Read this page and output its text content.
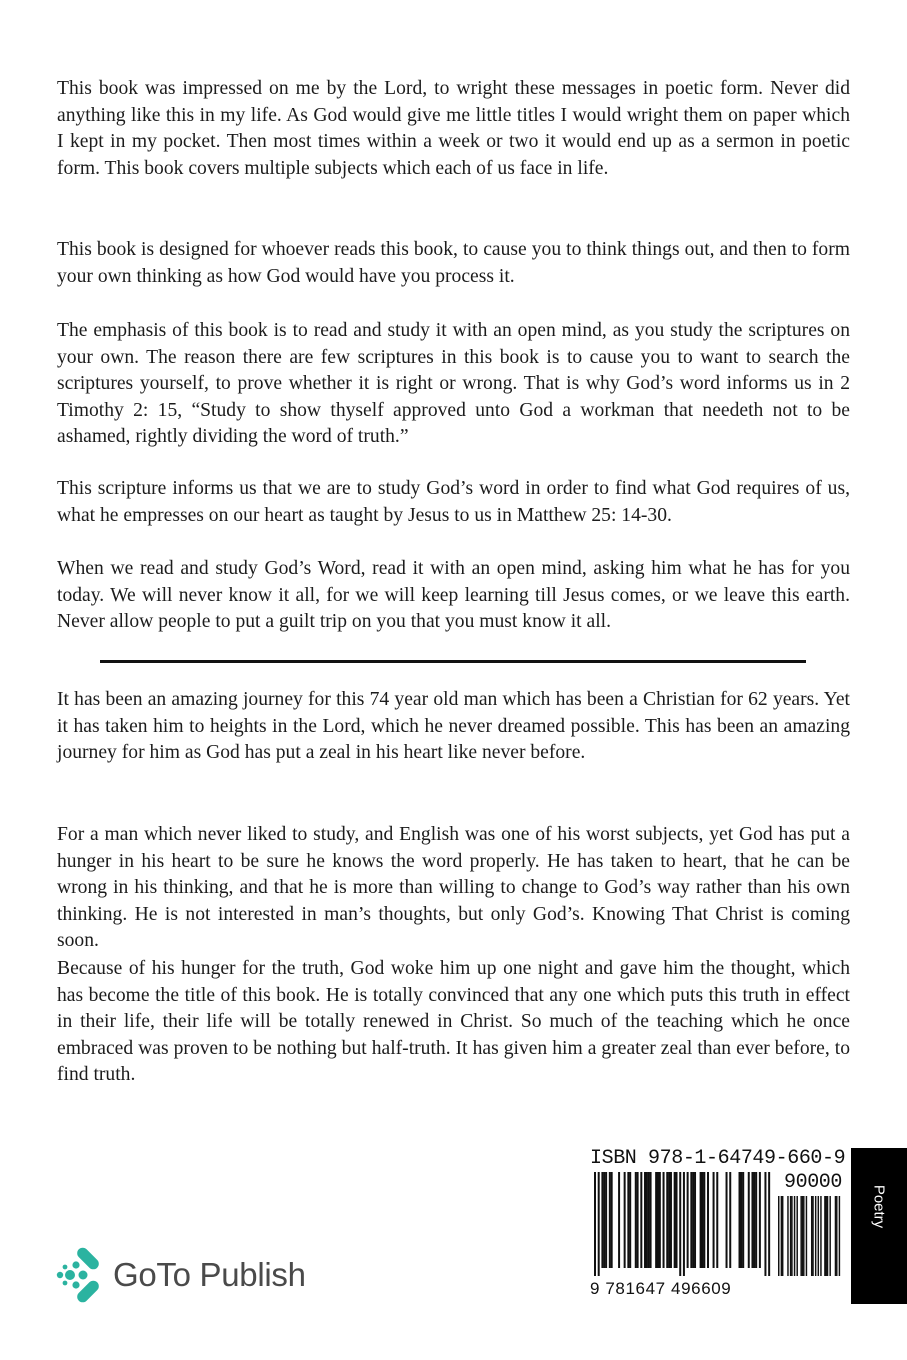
This book was impressed on me by the Lord, to wright these messages in poetic form. Never did anything like this in my life. As God would give me little titles I would wright them on paper which I kept in my pocket. Then most times within a week or two it would end up as a sermon in poetic form. This book covers multiple subjects which each of us face in life.

This book is designed for whoever reads this book, to cause you to think things out, and then to form your own thinking as how God would have you process it.

The emphasis of this book is to read and study it with an open mind, as you study the scriptures on your own. The reason there are few scriptures in this book is to cause you to want to search the scriptures yourself, to prove whether it is right or wrong. That is why God’s word informs us in 2 Timothy 2: 15, “Study to show thyself approved unto God a workman that needeth not to be ashamed, rightly dividing the word of truth.”

This scripture informs us that we are to study God’s word in order to find what God requires of us, what he empresses on our heart as taught by Jesus to us in Matthew 25: 14-30.

When we read and study God’s Word, read it with an open mind, asking him what he has for you today. We will never know it all, for we will keep learning till Jesus comes, or we leave this earth. Never allow people to put a guilt trip on you that you must know it all.

It has been an amazing journey for this 74 year old man which has been a Christian for 62 years. Yet it has taken him to heights in the Lord, which he never dreamed possible. This has been an amazing journey for him as God has put a zeal in his heart like never before.

For a man which never liked to study, and English was one of his worst subjects, yet God has put a hunger in his heart to be sure he knows the word properly. He has taken to heart, that he can be wrong in his thinking, and that he is more than willing to change to God’s way rather than his own thinking. He is not interested in man’s thoughts, but only God’s. Knowing That Christ is coming soon.

Because of his hunger for the truth, God woke him up one night and gave him the thought, which has become the title of this book. He is totally convinced that any one which puts this truth in effect in their life, their life will be totally renewed in Christ. So much of the teaching which he once embraced was proven to be nothing but half-truth. It has given him a greater zeal than ever before, to find truth.

GoTo Publish
ISBN 978-1-64749-660-9
90000
9 781647 496609
Poetry
